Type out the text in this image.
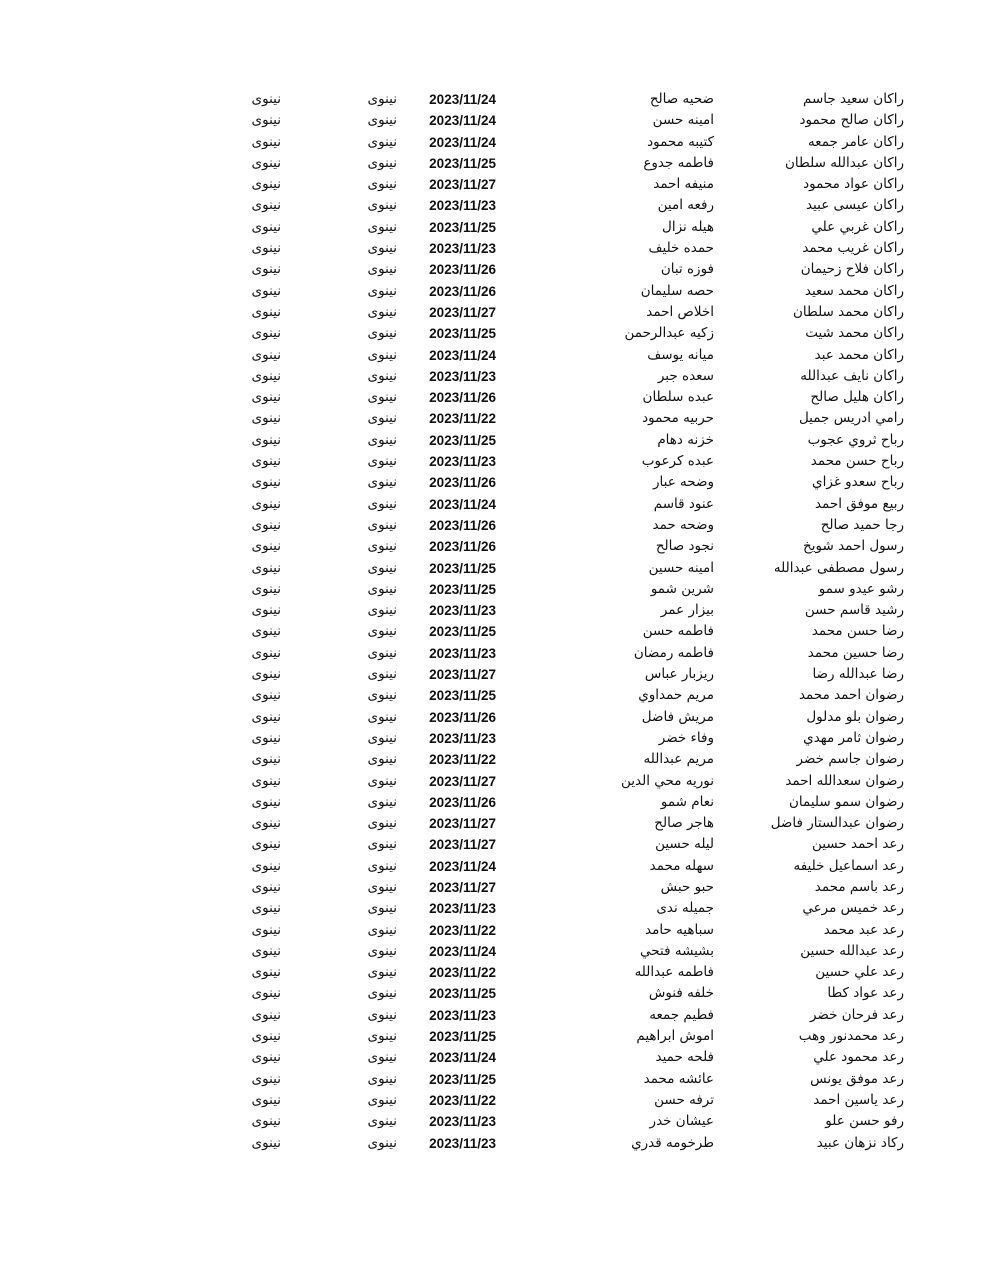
راكان سعيد جاسم
ضحيه صالح
2023/11/24
نينوى
نينوى
راكان صالح محمود
امينه حسن
2023/11/24
نينوى
نينوى
راكان عامر جمعه
كتيبه محمود
2023/11/24
نينوى
نينوى
راكان عبدالله سلطان
فاطمه جدوع
2023/11/25
نينوى
نينوى
راكان عواد محمود
منيفه احمد
2023/11/27
نينوى
نينوى
راكان عيسى عبيد
رفعه امين
2023/11/23
نينوى
نينوى
راكان غربي علي
هيله نزال
2023/11/25
نينوى
نينوى
راكان غريب محمد
حمده خليف
2023/11/23
نينوى
نينوى
راكان فلاح زحيمان
فوزه تبان
2023/11/26
نينوى
نينوى
راكان محمد سعيد
حصه سليمان
2023/11/26
نينوى
نينوى
راكان محمد سلطان
اخلاص احمد
2023/11/27
نينوى
نينوى
راكان محمد شيت
زكيه عبدالرحمن
2023/11/25
نينوى
نينوى
راكان محمد عبد
ميانه يوسف
2023/11/24
نينوى
نينوى
راكان نايف عبدالله
سعده جبر
2023/11/23
نينوى
نينوى
راكان هليل صالح
عبده سلطان
2023/11/26
نينوى
نينوى
رامي ادريس جميل
حربيه محمود
2023/11/22
نينوى
نينوى
رباح ثروي عجوب
خزنه دهام
2023/11/25
نينوى
نينوى
رباح حسن محمد
عبده كرعوب
2023/11/23
نينوى
نينوى
رباح سعدو غزاي
وضحه عبار
2023/11/26
نينوى
نينوى
ربيع موفق احمد
عنود قاسم
2023/11/24
نينوى
نينوى
رجا حميد صالح
وضحه حمد
2023/11/26
نينوى
نينوى
رسول احمد شويخ
نجود صالح
2023/11/26
نينوى
نينوى
رسول مصطفى عبدالله
امينه حسين
2023/11/25
نينوى
نينوى
رشو عيدو سمو
شرين شمو
2023/11/25
نينوى
نينوى
رشيد قاسم حسن
بيزار عمر
2023/11/23
نينوى
نينوى
رضا حسن محمد
فاطمه حسن
2023/11/25
نينوى
نينوى
رضا حسين محمد
فاطمه رمضان
2023/11/23
نينوى
نينوى
رضا عبدالله رضا
ريزبار عباس
2023/11/27
نينوى
نينوى
رضوان احمد محمد
مريم حمداوي
2023/11/25
نينوى
نينوى
رضوان بلو مدلول
مريش فاضل
2023/11/26
نينوى
نينوى
رضوان ثامر مهدي
وفاء خضر
2023/11/23
نينوى
نينوى
رضوان جاسم خضر
مريم عبدالله
2023/11/22
نينوى
نينوى
رضوان سعدالله احمد
نوريه محي الدين
2023/11/27
نينوى
نينوى
رضوان سمو سليمان
نعام شمو
2023/11/26
نينوى
نينوى
رضوان عبدالستار فاضل
هاجر صالح
2023/11/27
نينوى
نينوى
رعد احمد حسين
ليله حسين
2023/11/27
نينوى
نينوى
رعد اسماعيل خليفه
سهله محمد
2023/11/24
نينوى
نينوى
رعد باسم محمد
حبو حبش
2023/11/27
نينوى
نينوى
رعد خميس مرعي
جميله ندى
2023/11/23
نينوى
نينوى
رعد عبد محمد
سباهيه حامد
2023/11/22
نينوى
نينوى
رعد عبدالله حسين
بشيشه فتحي
2023/11/24
نينوى
نينوى
رعد علي حسين
فاطمه عبدالله
2023/11/22
نينوى
نينوى
رعد عواد كطا
خلفه فنوش
2023/11/25
نينوى
نينوى
رعد فرحان خضر
فطيم جمعه
2023/11/23
نينوى
نينوى
رعد محمدنور وهب
اموش ابراهيم
2023/11/25
نينوى
نينوى
رعد محمود علي
فلحه حميد
2023/11/24
نينوى
نينوى
رعد موفق يونس
عائشه محمد
2023/11/25
نينوى
نينوى
رعد ياسين احمد
ترفه حسن
2023/11/22
نينوى
نينوى
رفو حسن علو
عيشان خدر
2023/11/23
نينوى
نينوى
ركاد نزهان عبيد
طرخومه قدري
2023/11/23
نينوى
نينوى
